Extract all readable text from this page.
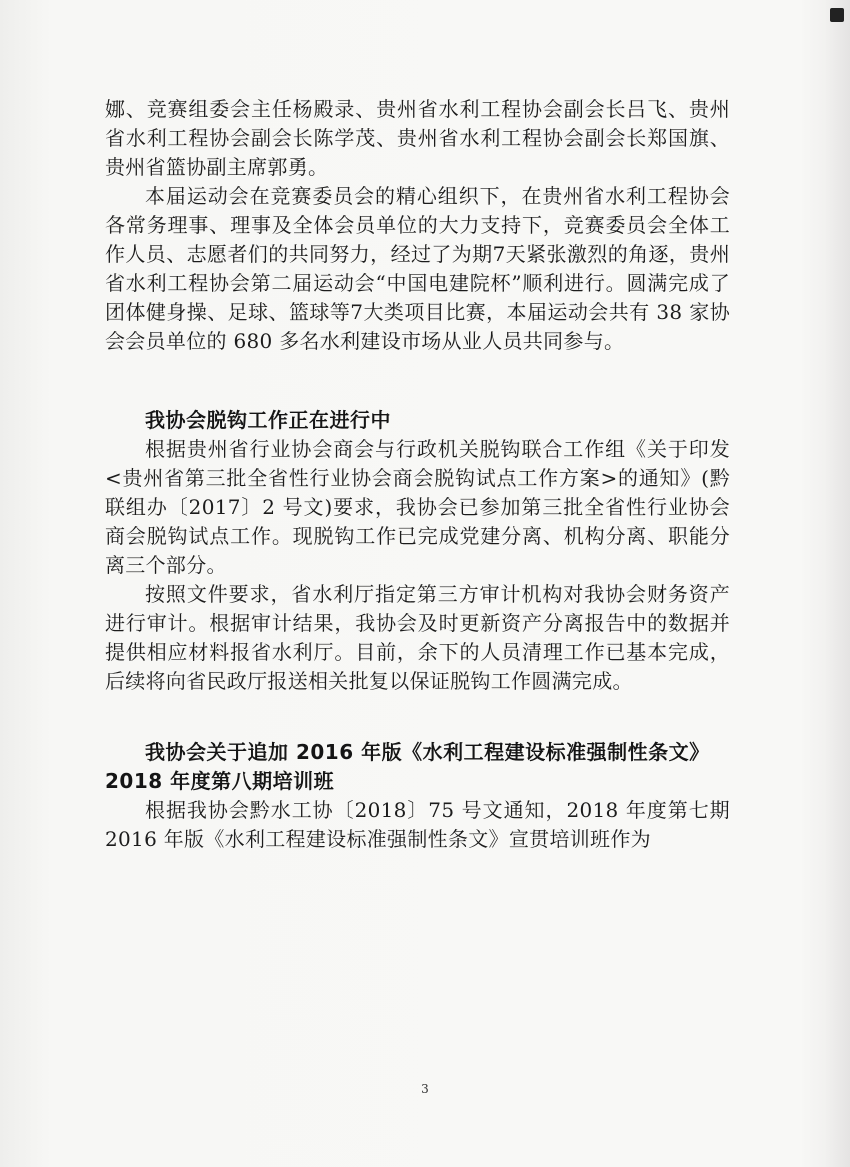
娜、竞赛组委会主任杨殿录、贵州省水利工程协会副会长吕飞、贵州省水利工程协会副会长陈学茂、贵州省水利工程协会副会长郑国旗、贵州省篮协副主席郭勇。

本届运动会在竞赛委员会的精心组织下，在贵州省水利工程协会各常务理事、理事及全体会员单位的大力支持下，竞赛委员会全体工作人员、志愿者们的共同努力，经过了为期7天紧张激烈的角逐，贵州省水利工程协会第二届运动会“中国电建院杯”顺利进行。圆满完成了团体健身操、足球、篮球等7大类项目比赛，本届运动会共有 38 家协会会员单位的 680 多名水利建设市场从业人员共同参与。

我协会脱钩工作正在进行中

根据贵州省行业协会商会与行政机关脱钩联合工作组《关于印发<贵州省第三批全省性行业协会商会脱钩试点工作方案>的通知》(黔联组办〔2017〕2 号文)要求，我协会已参加第三批全省性行业协会商会脱钩试点工作。现脱钩工作已完成党建分离、机构分离、职能分离三个部分。

按照文件要求，省水利厅指定第三方审计机构对我协会财务资产进行审计。根据审计结果，我协会及时更新资产分离报告中的数据并提供相应材料报省水利厅。目前，余下的人员清理工作已基本完成，后续将向省民政厅报送相关批复以保证脱钩工作圆满完成。

我协会关于追加 2016 年版《水利工程建设标准强制性条文》2018 年度第八期培训班

根据我协会黔水工协〔2018〕75 号文通知，2018 年度第七期 2016 年版《水利工程建设标准强制性条文》宣贯培训班作为

3
